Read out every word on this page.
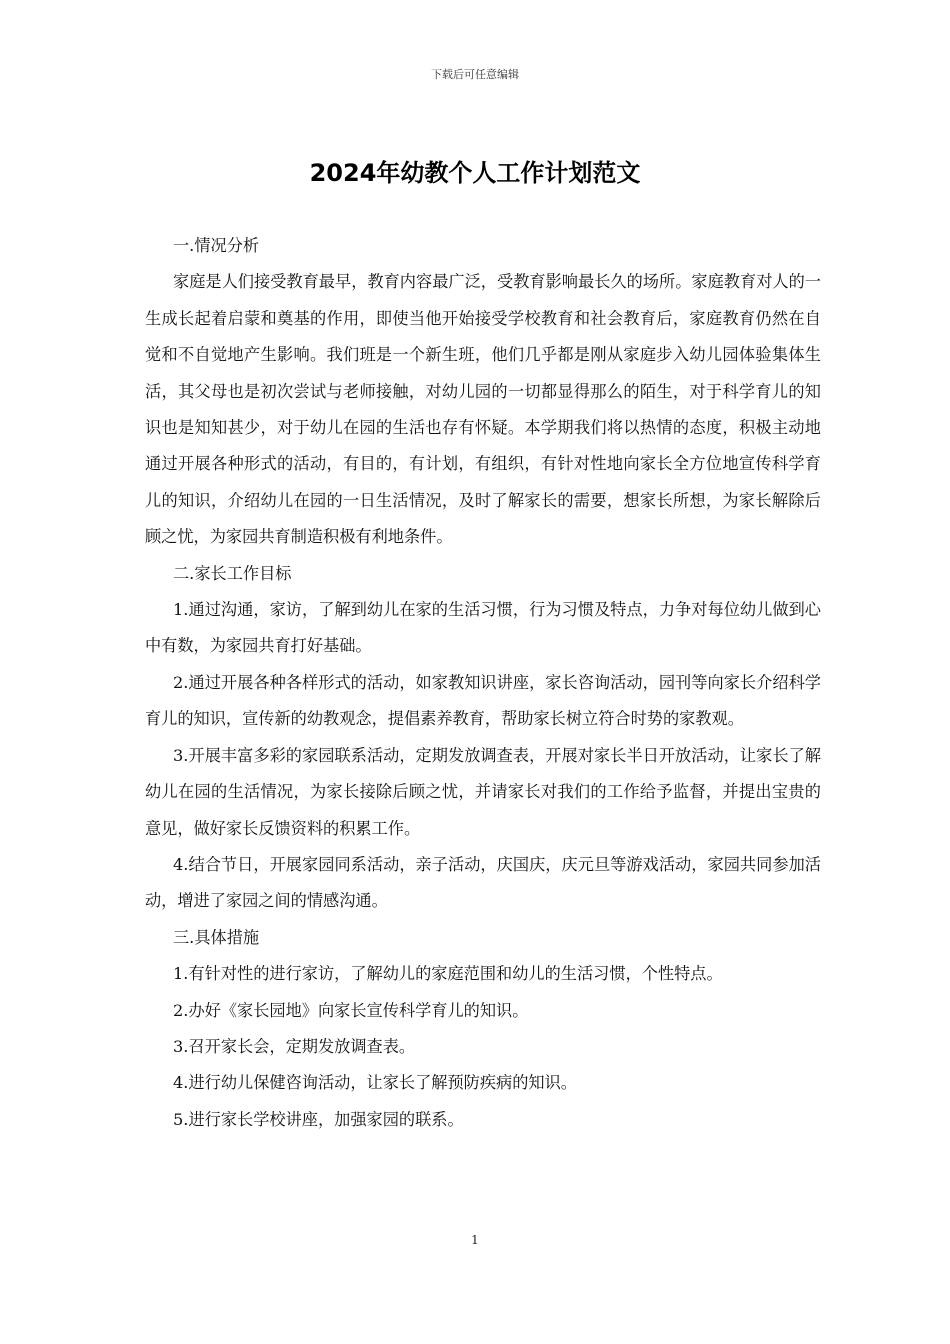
下载后可任意编辑
2024年幼教个人工作计划范文

一.情况分析

家庭是人们接受教育最早，教育内容最广泛，受教育影响最长久的场所。家庭教育对人的一生成长起着启蒙和奠基的作用，即使当他开始接受学校教育和社会教育后，家庭教育仍然在自觉和不自觉地产生影响。我们班是一个新生班，他们几乎都是刚从家庭步入幼儿园体验集体生活，其父母也是初次尝试与老师接触，对幼儿园的一切都显得那么的陌生，对于科学育儿的知识也是知知甚少，对于幼儿在园的生活也存有怀疑。本学期我们将以热情的态度，积极主动地通过开展各种形式的活动，有目的，有计划，有组织，有针对性地向家长全方位地宣传科学育儿的知识，介绍幼儿在园的一日生活情况，及时了解家长的需要，想家长所想，为家长解除后顾之忧，为家园共育制造积极有利地条件。

二.家长工作目标

1.通过沟通，家访，了解到幼儿在家的生活习惯，行为习惯及特点，力争对每位幼儿做到心中有数，为家园共育打好基础。

2.通过开展各种各样形式的活动，如家教知识讲座，家长咨询活动，园刊等向家长介绍科学育儿的知识，宣传新的幼教观念，提倡素养教育，帮助家长树立符合时势的家教观。

3.开展丰富多彩的家园联系活动，定期发放调查表，开展对家长半日开放活动，让家长了解幼儿在园的生活情况，为家长接除后顾之忧，并请家长对我们的工作给予监督，并提出宝贵的意见，做好家长反馈资料的积累工作。

4.结合节日，开展家园同系活动，亲子活动，庆国庆，庆元旦等游戏活动，家园共同参加活动，增进了家园之间的情感沟通。

三.具体措施

1.有针对性的进行家访，了解幼儿的家庭范围和幼儿的生活习惯，个性特点。

2.办好《家长园地》向家长宣传科学育儿的知识。

3.召开家长会，定期发放调查表。

4.进行幼儿保健咨询活动，让家长了解预防疾病的知识。

5.进行家长学校讲座，加强家园的联系。

1
